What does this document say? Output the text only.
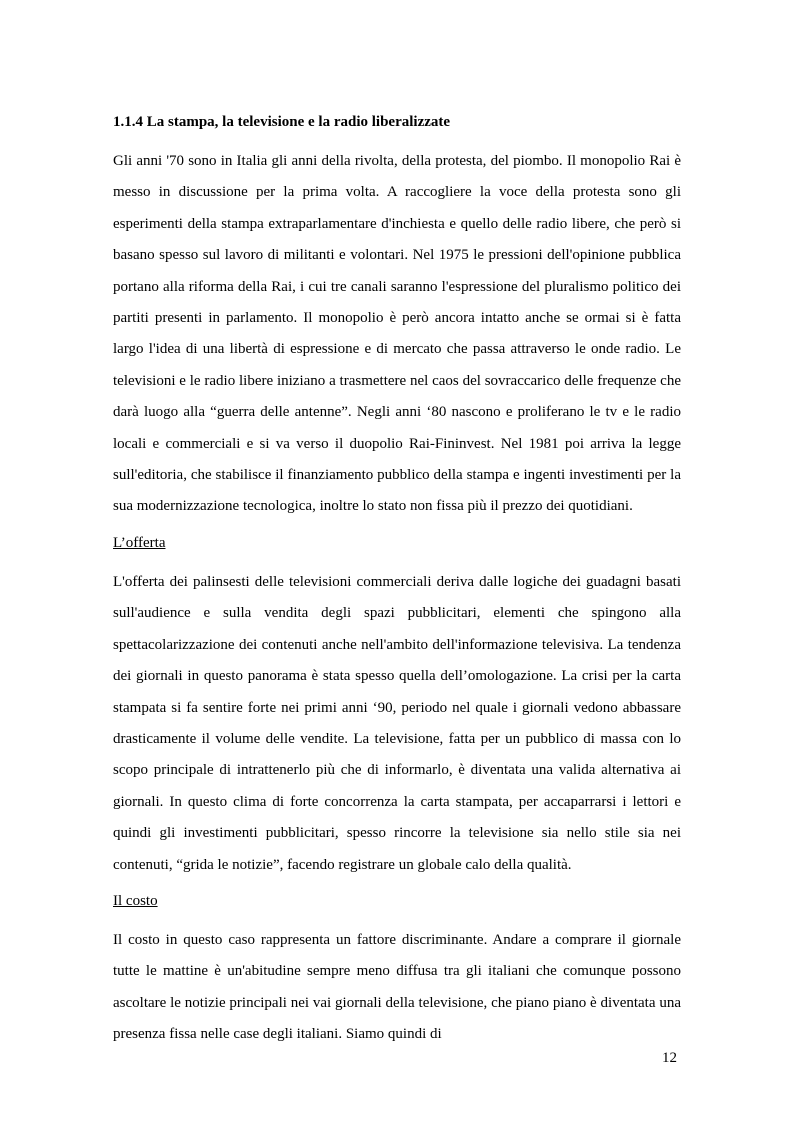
1.1.4 La stampa, la televisione e la radio liberalizzate

Gli anni '70 sono in Italia gli anni della rivolta, della protesta, del piombo. Il monopolio Rai è messo in discussione per la prima volta. A raccogliere la voce della protesta sono gli esperimenti della stampa extraparlamentare d'inchiesta e quello delle radio libere, che però si basano spesso sul lavoro di militanti e volontari. Nel 1975 le pressioni dell'opinione pubblica portano alla riforma della Rai, i cui tre canali saranno l'espressione del pluralismo politico dei partiti presenti in parlamento. Il monopolio è però ancora intatto anche se ormai si è fatta largo l'idea di una libertà di espressione e di mercato che passa attraverso le onde radio. Le televisioni e le radio libere iniziano a trasmettere nel caos del sovraccarico delle frequenze che darà luogo alla “guerra delle antenne”. Negli anni ‘80 nascono e proliferano le tv e le radio locali e commerciali e si va verso il duopolio Rai-Fininvest. Nel 1981 poi arriva la legge sull'editoria, che stabilisce il finanziamento pubblico della stampa e ingenti investimenti per la sua modernizzazione tecnologica, inoltre lo stato non fissa più il prezzo dei quotidiani.

L’offerta

L'offerta dei palinsesti delle televisioni commerciali deriva dalle logiche dei guadagni basati sull'audience e sulla vendita degli spazi pubblicitari, elementi che spingono alla spettacolarizzazione dei contenuti anche nell'ambito dell'informazione televisiva. La tendenza dei giornali in questo panorama è stata spesso quella dell’omologazione. La crisi per la carta stampata si fa sentire forte nei primi anni ‘90, periodo nel quale i giornali vedono abbassare drasticamente il volume delle vendite. La televisione, fatta per un pubblico di massa con lo scopo principale di intrattenerlo più che di informarlo, è diventata una valida alternativa ai giornali. In questo clima di forte concorrenza la carta stampata, per accaparrarsi i lettori e quindi gli investimenti pubblicitari, spesso rincorre la televisione sia nello stile sia nei contenuti, “grida le notizie”, facendo registrare un globale calo della qualità.

Il costo

Il costo in questo caso rappresenta un fattore discriminante. Andare a comprare il giornale tutte le mattine è un'abitudine sempre meno diffusa tra gli italiani che comunque possono ascoltare le notizie principali nei vai giornali della televisione, che piano piano è diventata una presenza fissa nelle case degli italiani. Siamo quindi di

12
